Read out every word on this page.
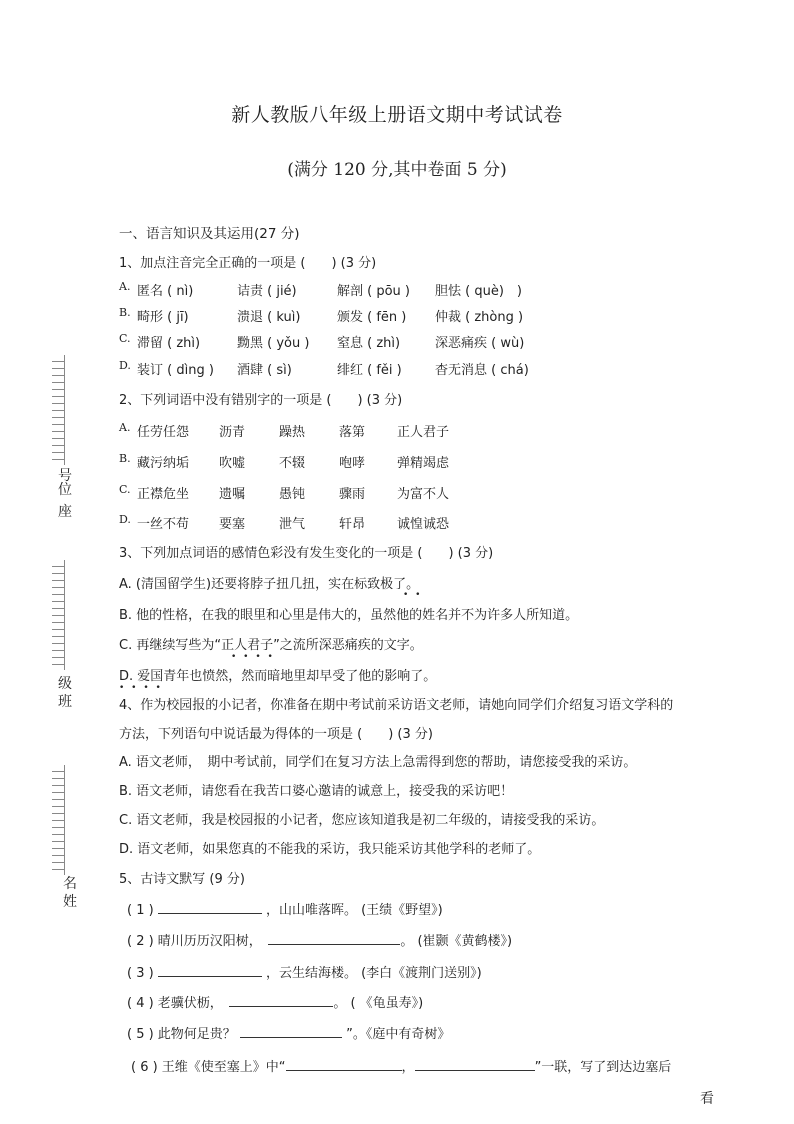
新人教版八年级上册语文期中考试试卷
(满分 120 分,其中卷面 5 分)
号
位
座
级
班
名
姓
一、语言知识及其运用(27 分)
1、加点注音完全正确的一项是 (　　) (3 分)
A. 匿名 ( nì)	诘责 ( jié)	解剖 ( pōu ) 胆怯 ( què)　)
B. 畸形 ( jī)	溃退 ( kuì)	颁发 ( fēn ) 仲裁 ( zhòng )
C. 滞留 ( zhì)	黝黑 ( yǒu ) 窒息 ( zhì)	深恶痛疾 ( wù)
D. 装订 ( dìng ) 酒肆 ( sì)	绯红 ( fěi )	杳无消息 ( chá)
2、下列词语中没有错别字的一项是 (　　) (3 分)
A. 任劳任怨 沥青	躁热	落第 正人君子
B. 藏污纳垢 吹嘘	不辍	咆哮 弹精竭虑
C. 正襟危坐 遗嘱	愚钝	骤雨 为富不人
D. 一丝不苟 要塞	泄气	轩昂 诚惶诚恐
3、下列加点词语的感情色彩没有发生变化的一项是 (　　) (3 分)
A. (清国留学生)还要将脖子扭几扭，实在标致极了。
B. 他的性格，在我的眼里和心里是伟大的，虽然他的姓名并不为许多人所知道。
C. 再继续写些为“正人君子”之流所深恶痛疾的文字。
D. 爱国青年也愤然，然而暗地里却早受了他的影响了。
• •
• • • •
• • • •
4、作为校园报的小记者，你准备在期中考试前采访语文老师，请她向同学们介绍复习语文学科的
方法，下列语句中说话最为得体的一项是 (　　) (3 分)
A. 语文老师，　期中考试前，同学们在复习方法上急需得到您的帮助，请您接受我的采访。
B. 语文老师，请您看在我苦口婆心邀请的诚意上，接受我的采访吧！
C. 语文老师，我是校园报的小记者，您应该知道我是初二年级的，请接受我的采访。
D. 语文老师，如果您真的不能我的采访，我只能采访其他学科的老师了。
5、古诗文默写 (9 分)
( 1 )	，山山唯落晖。 (王绩《野望》)
( 2 ) 晴川历历汉阳树，　	。 (崔颢《黄鹤楼》)
( 3 )	，云生结海楼。 (李白《渡荆门送别》)
( 4 ) 老骥伏枥，　	。 ( 《龟虽寿》)
( 5 ) 此物何足贵？	”。《庭中有奇树》
( 6 ) 王维《使至塞上》中“	，	”一联，写了到达边塞后
看
